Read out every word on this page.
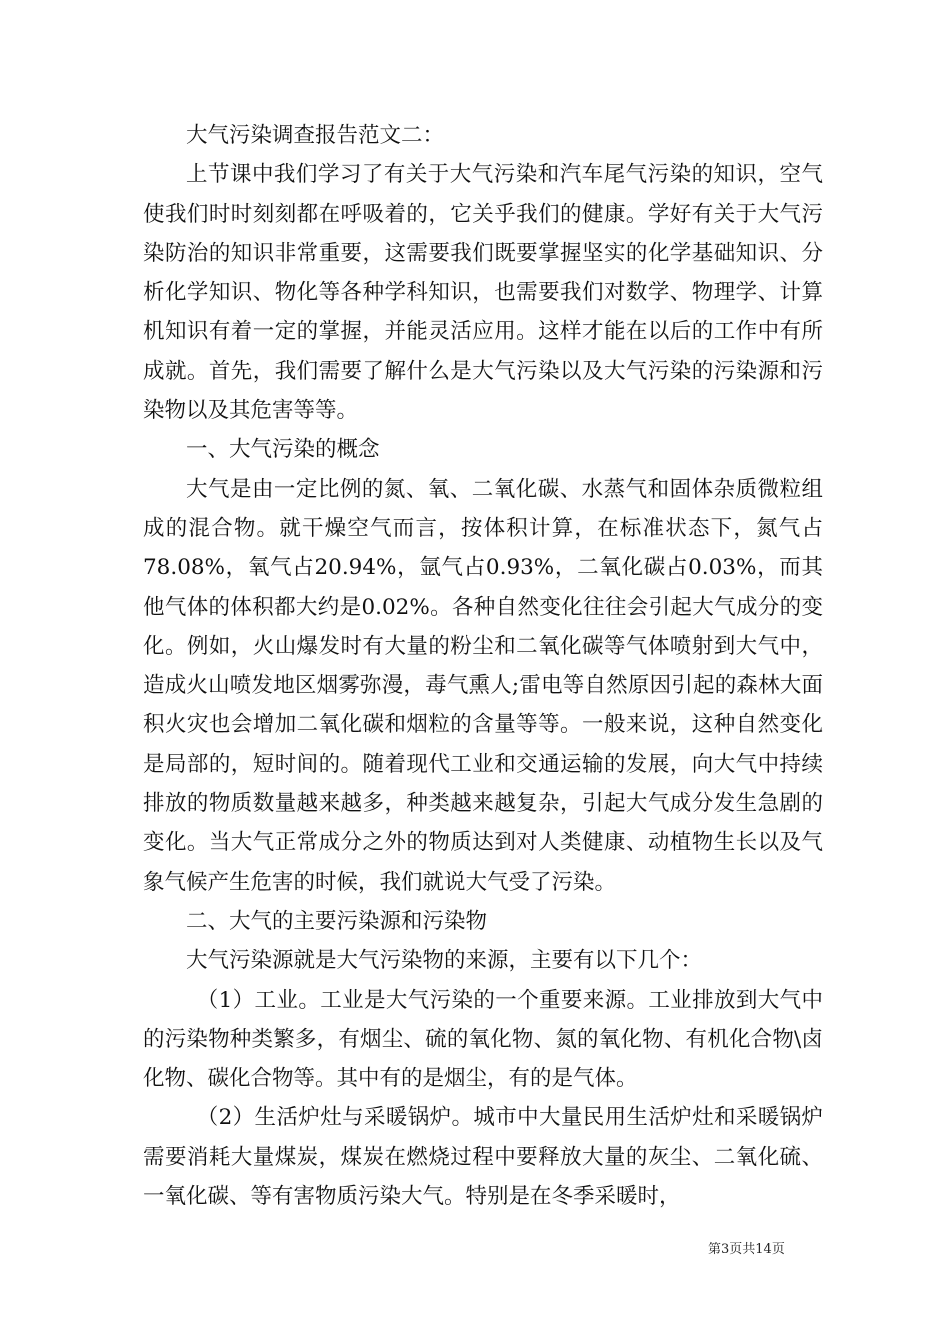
大气污染调查报告范文二：

上节课中我们学习了有关于大气污染和汽车尾气污染的知识，空气使我们时时刻刻都在呼吸着的，它关乎我们的健康。学好有关于大气污染防治的知识非常重要，这需要我们既要掌握坚实的化学基础知识、分析化学知识、物化等各种学科知识，也需要我们对数学、物理学、计算机知识有着一定的掌握，并能灵活应用。这样才能在以后的工作中有所成就。首先，我们需要了解什么是大气污染以及大气污染的污染源和污染物以及其危害等等。

一、大气污染的概念

大气是由一定比例的氮、氧、二氧化碳、水蒸气和固体杂质微粒组成的混合物。就干燥空气而言，按体积计算，在标准状态下，氮气占78.08%，氧气占20.94%，氩气占0.93%，二氧化碳占0.03%，而其他气体的体积都大约是0.02%。各种自然变化往往会引起大气成分的变化。例如，火山爆发时有大量的粉尘和二氧化碳等气体喷射到大气中，造成火山喷发地区烟雾弥漫，毒气熏人;雷电等自然原因引起的森林大面积火灾也会增加二氧化碳和烟粒的含量等等。一般来说，这种自然变化是局部的，短时间的。随着现代工业和交通运输的发展，向大气中持续排放的物质数量越来越多，种类越来越复杂，引起大气成分发生急剧的变化。当大气正常成分之外的物质达到对人类健康、动植物生长以及气象气候产生危害的时候，我们就说大气受了污染。

二、大气的主要污染源和污染物

大气污染源就是大气污染物的来源，主要有以下几个：

（1）工业。工业是大气污染的一个重要来源。工业排放到大气中的污染物种类繁多，有烟尘、硫的氧化物、氮的氧化物、有机化合物\卤化物、碳化合物等。其中有的是烟尘，有的是气体。

（2）生活炉灶与采暖锅炉。城市中大量民用生活炉灶和采暖锅炉需要消耗大量煤炭，煤炭在燃烧过程中要释放大量的灰尘、二氧化硫、一氧化碳、等有害物质污染大气。特别是在冬季采暖时，

第3页共14页
